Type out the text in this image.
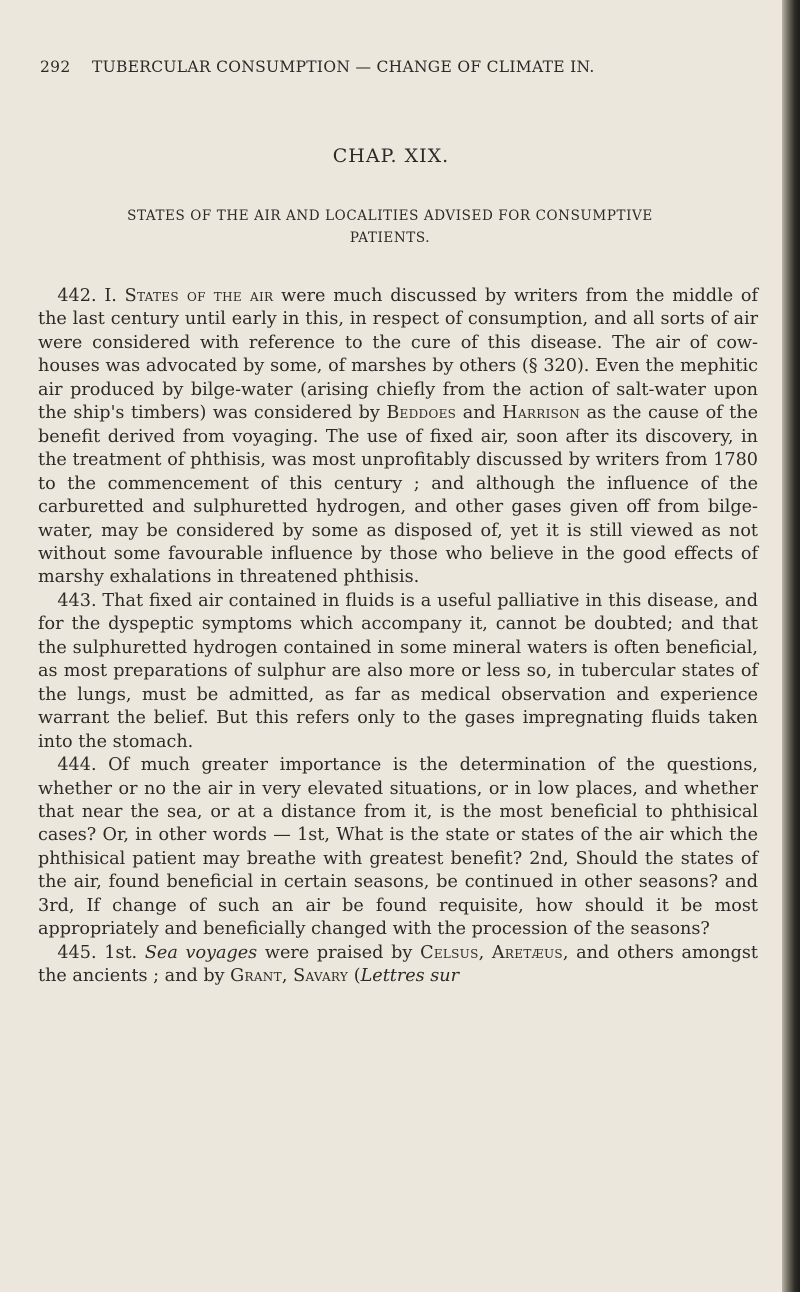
292 TUBERCULAR CONSUMPTION — CHANGE OF CLIMATE IN.
CHAP. XIX.
STATES OF THE AIR AND LOCALITIES ADVISED FOR CONSUMPTIVE PATIENTS.

442. I. States of the air were much discussed by writers from the middle of the last century until early in this, in respect of consumption, and all sorts of air were considered with reference to the cure of this disease. The air of cow-houses was advocated by some, of marshes by others (§ 320). Even the mephitic air produced by bilge-water (arising chiefly from the action of salt-water upon the ship's timbers) was considered by Beddoes and Harrison as the cause of the benefit derived from voyaging. The use of fixed air, soon after its discovery, in the treatment of phthisis, was most unprofitably discussed by writers from 1780 to the commencement of this century ; and although the influence of the carburetted and sulphuretted hydrogen, and other gases given off from bilge-water, may be considered by some as disposed of, yet it is still viewed as not without some favourable influence by those who believe in the good effects of marshy exhalations in threatened phthisis.

443. That fixed air contained in fluids is a useful palliative in this disease, and for the dyspeptic symptoms which accompany it, cannot be doubted; and that the sulphuretted hydrogen contained in some mineral waters is often beneficial, as most preparations of sulphur are also more or less so, in tubercular states of the lungs, must be admitted, as far as medical observation and experience warrant the belief. But this refers only to the gases impregnating fluids taken into the stomach.

444. Of much greater importance is the determination of the questions, whether or no the air in very elevated situations, or in low places, and whether that near the sea, or at a distance from it, is the most beneficial to phthisical cases? Or, in other words — 1st, What is the state or states of the air which the phthisical patient may breathe with greatest benefit? 2nd, Should the states of the air, found beneficial in certain seasons, be continued in other seasons? and 3rd, If change of such an air be found requisite, how should it be most appropriately and beneficially changed with the procession of the seasons?

445. 1st. Sea voyages were praised by Celsus, Aretæus, and others amongst the ancients ; and by Grant, Savary (Lettres sur
